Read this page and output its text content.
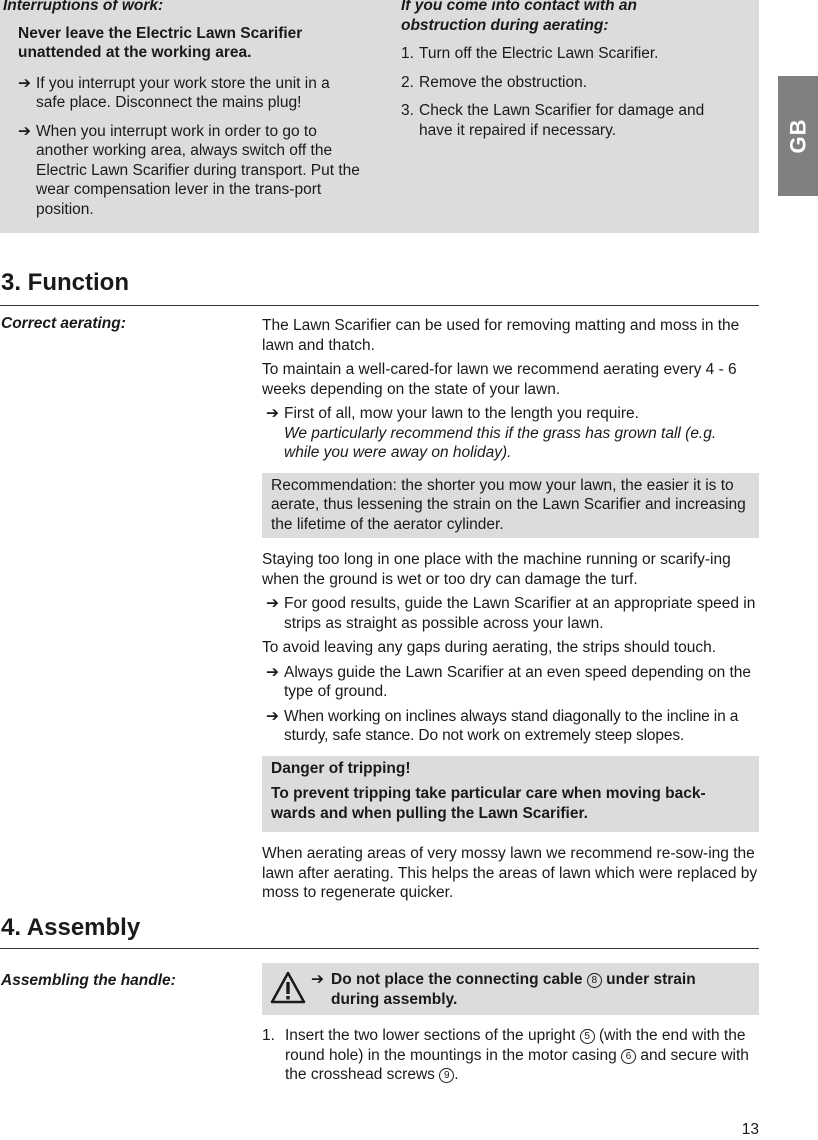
Interruptions of work:

Never leave the Electric Lawn Scarifier unattended at the working area.

➔ If you interrupt your work store the unit in a safe place. Disconnect the mains plug!
➔ When you interrupt work in order to go to another working area, always switch off the Electric Lawn Scarifier during transport. Put the wear compensation lever in the trans-port position.

If you come into contact with an obstruction during aerating:

1. Turn off the Electric Lawn Scarifier.
2. Remove the obstruction.
3. Check the Lawn Scarifier for damage and have it repaired if necessary.	GB
3. Function
Correct aerating:	The Lawn Scarifier can be used for removing matting and moss in the lawn and thatch.

To maintain a well-cared-for lawn we recommend aerating every 4 - 6 weeks depending on the state of your lawn.

➔ First of all, mow your lawn to the length you require.
We particularly recommend this if the grass has grown tall (e.g. while you were away on holiday).
Recommendation: the shorter you mow your lawn, the easier it is to aerate, thus lessening the strain on the Lawn Scarifier and increasing the lifetime of the aerator cylinder.

Staying too long in one place with the machine running or scarify-ing when the ground is wet or too dry can damage the turf.

➔ For good results, guide the Lawn Scarifier at an appropriate speed in strips as straight as possible across your lawn.

To avoid leaving any gaps during aerating, the strips should touch.

➔ Always guide the Lawn Scarifier at an even speed depending on the type of ground.
➔ When working on inclines always stand diagonally to the incline in a sturdy, safe stance. Do not work on extremely steep slopes.

Danger of tripping!

To prevent tripping take particular care when moving back-wards and when pulling the Lawn Scarifier.

When aerating areas of very mossy lawn we recommend re-sow-ing the lawn after aerating. This helps the areas of lawn which were replaced by moss to regenerate quicker.

4. Assembly
Assembling the handle:	➔ Do not place the connecting cable 8 under strain during assembly.
1. Insert the two lower sections of the upright 5 (with the end with the round hole) in the mountings in the motor casing 6 and secure with the crosshead screws 9 .
13
